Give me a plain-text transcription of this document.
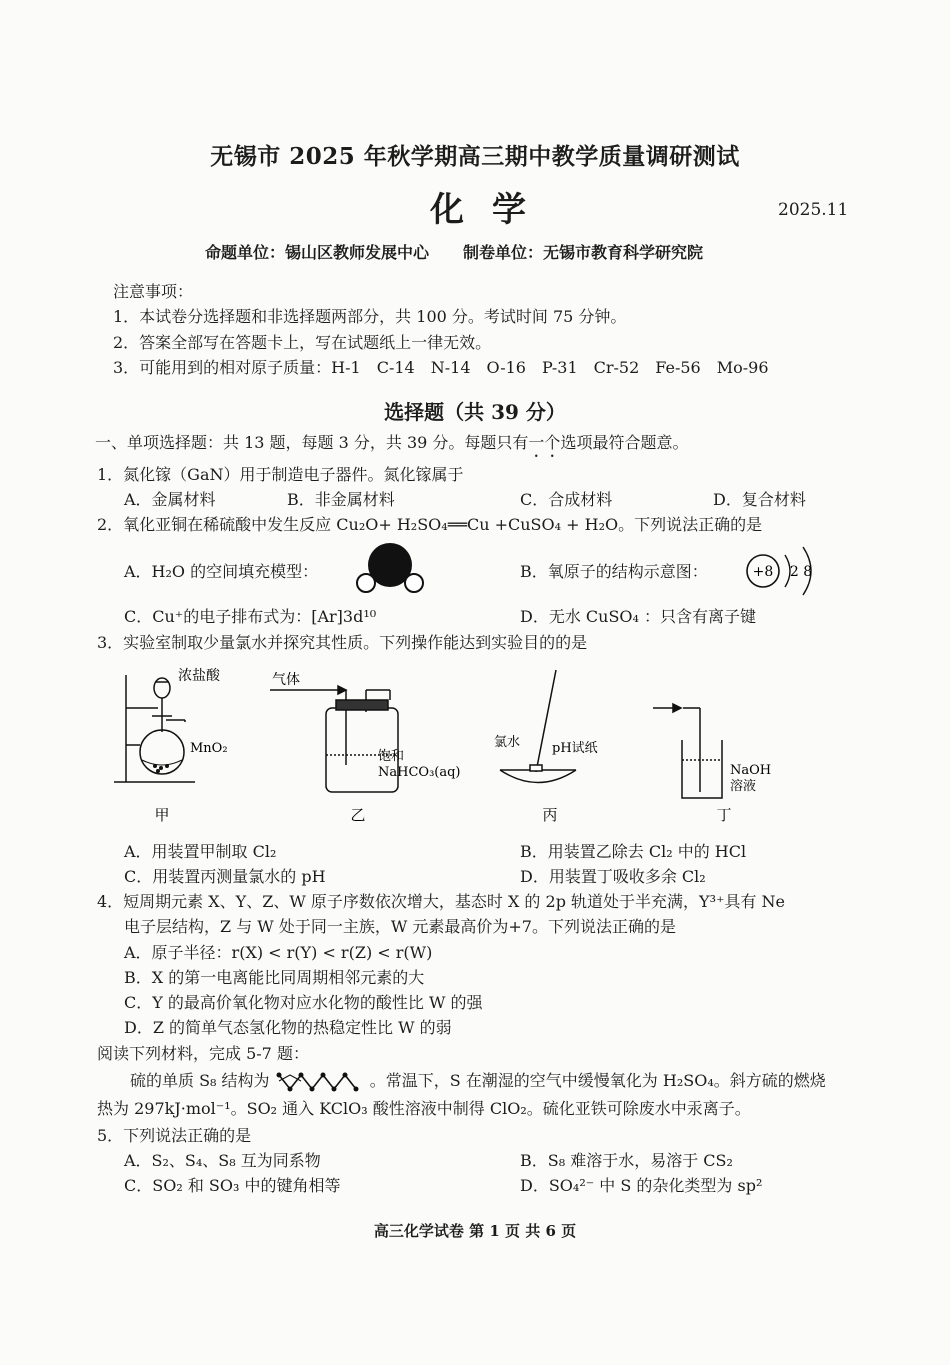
无锡市 2025 年秋学期高三期中教学质量调研测试
化学	2025.11
命题单位：锡山区教师发展中心 制卷单位：无锡市教育科学研究院
注意事项：
1．本试卷分选择题和非选择题两部分，共 100 分。考试时间 75 分钟。
2．答案全部写在答题卡上，写在试题纸上一律无效。
3．可能用到的相对原子质量：H-1　C-14　N-14　O-16　P-31　Cr-52　Fe-56　Mo-96
选择题（共 39 分）
一、单项选择题：共 13 题，每题 3 分，共 39 分。每题只有一个选项最符合题意。
1．氮化镓（GaN）用于制造电子器件。氮化镓属于
A．金属材料	B．非金属材料	C．合成材料	D．复合材料
2．氧化亚铜在稀硫酸中发生反应 Cu₂O+ H₂SO₄══Cu +CuSO₄ + H₂O。下列说法正确的是
A．H₂O 的空间填充模型：	B．氧原子的结构示意图：	+8 2 8
C．Cu⁺的电子排布式为：[Ar]3d¹⁰	D．无水 CuSO₄ ：只含有离子键
3．实验室制取少量氯水并探究其性质。下列操作能达到实验目的的是
浓盐酸
MnO₂
气体
饱和
NaHCO₃(aq)
氯水 pH试纸
NaOH
溶液
甲	乙	丙	丁
A．用装置甲制取 Cl₂	B．用装置乙除去 Cl₂ 中的 HCl
C．用装置丙测量氯水的 pH	D．用装置丁吸收多余 Cl₂
4．短周期元素 X、Y、Z、W 原子序数依次增大，基态时 X 的 2p 轨道处于半充满，Y³⁺具有 Ne
电子层结构，Z 与 W 处于同一主族，W 元素最高价为+7。下列说法正确的是
A．原子半径：r(X) < r(Y) < r(Z) < r(W)
B．X 的第一电离能比同周期相邻元素的大
C．Y 的最高价氧化物对应水化物的酸性比 W 的强
D．Z 的简单气态氢化物的热稳定性比 W 的弱
阅读下列材料，完成 5-7 题：
硫的单质 S₈ 结构为	。常温下，S 在潮湿的空气中缓慢氧化为 H₂SO₄。斜方硫的燃烧
热为 297kJ·mol⁻¹。SO₂ 通入 KClO₃ 酸性溶液中制得 ClO₂。硫化亚铁可除废水中汞离子。
5．下列说法正确的是
A．S₂、S₄、S₈ 互为同系物	B．S₈ 难溶于水，易溶于 CS₂
C．SO₂ 和 SO₃ 中的键角相等	D．SO₄²⁻ 中 S 的杂化类型为 sp²
高三化学试卷 第 1 页 共 6 页
